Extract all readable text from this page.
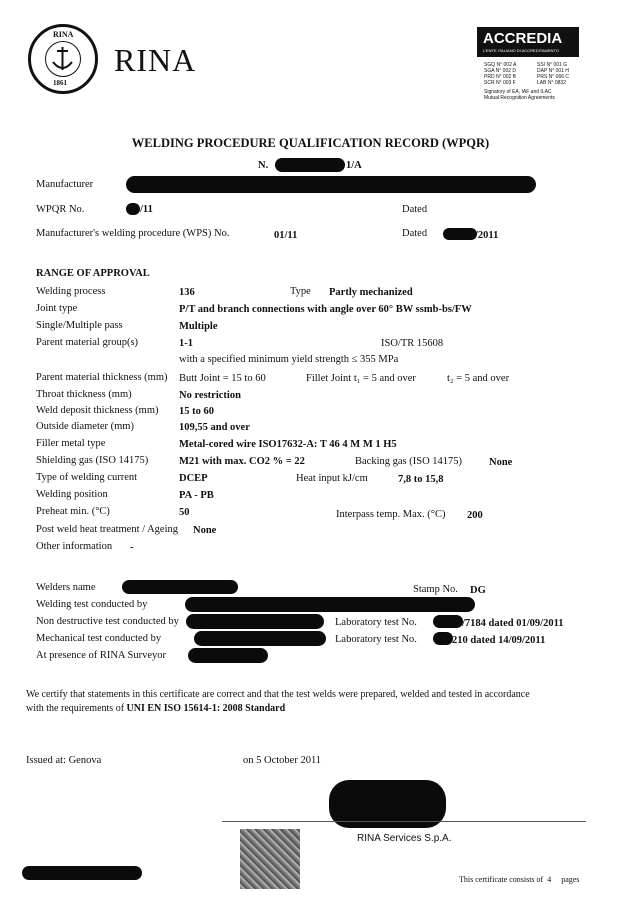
RINA
1861
RINA
ACCREDIA
L'ENTE ITALIANO DI ACCREDITAMENTO
SGQ N° 002 A
SGA N° 002 D
PRD N° 002 B
SCR N° 003 F
SSI N° 001 G
DAP N° 001 H
PRS N° 066 C
LAB N° 0832
Signatory of EA, IAF and ILAC
Mutual Recognition Agreements
WELDING PROCEDURE QUALIFICATION RECORD (WPQR)
N.	1/A
Manufacturer
WPQR No.	/11	Dated
Manufacturer's welding procedure (WPS) No.	01/11	Dated	/2011
RANGE OF APPROVAL
Welding process	136	Type Partly mechanized
Joint type	P/T and branch connections with angle over 60° BW ssmb-bs/FW
Single/Multiple pass	Multiple
Parent material group(s)	1-1	ISO/TR 15608
with a specified minimum yield strength ≤ 355 MPa
Parent material thickness (mm) Butt Joint = 15 to 60	Fillet Joint t₁ = 5 and over	t₂ = 5 and over
Throat thickness (mm)	No restriction
Weld deposit thickness (mm) 15 to 60
Outside diameter (mm)	109,55 and over
Filler metal type	Metal-cored wire ISO17632-A: T 46 4 M M 1 H5
Shielding gas (ISO 14175)	M21 with max. CO2 % = 22	Backing gas (ISO 14175)	None
Type of welding current	DCEP	Heat input kJ/cm	7,8 to 15,8
Welding position	PA - PB
Preheat min. (°C)	50	Interpass temp. Max. (°C) 200
Post weld heat treatment / Ageing None
Other information -
Welders name	Stamp No. DG
Welding test conducted by
Non destructive test conducted by	Laboratory test No.	/7184 dated 01/09/2011
Mechanical test conducted by	Laboratory test No.	210 dated 14/09/2011
At presence of RINA Surveyor
We certify that statements in this certificate are correct and that the test welds were prepared, welded and tested in accordance
with the requirements of UNI EN ISO 15614-1: 2008 Standard
Issued at: Genova	on 5 October 2011
RINA Services S.p.A.
This certificate consists of 4 pages
